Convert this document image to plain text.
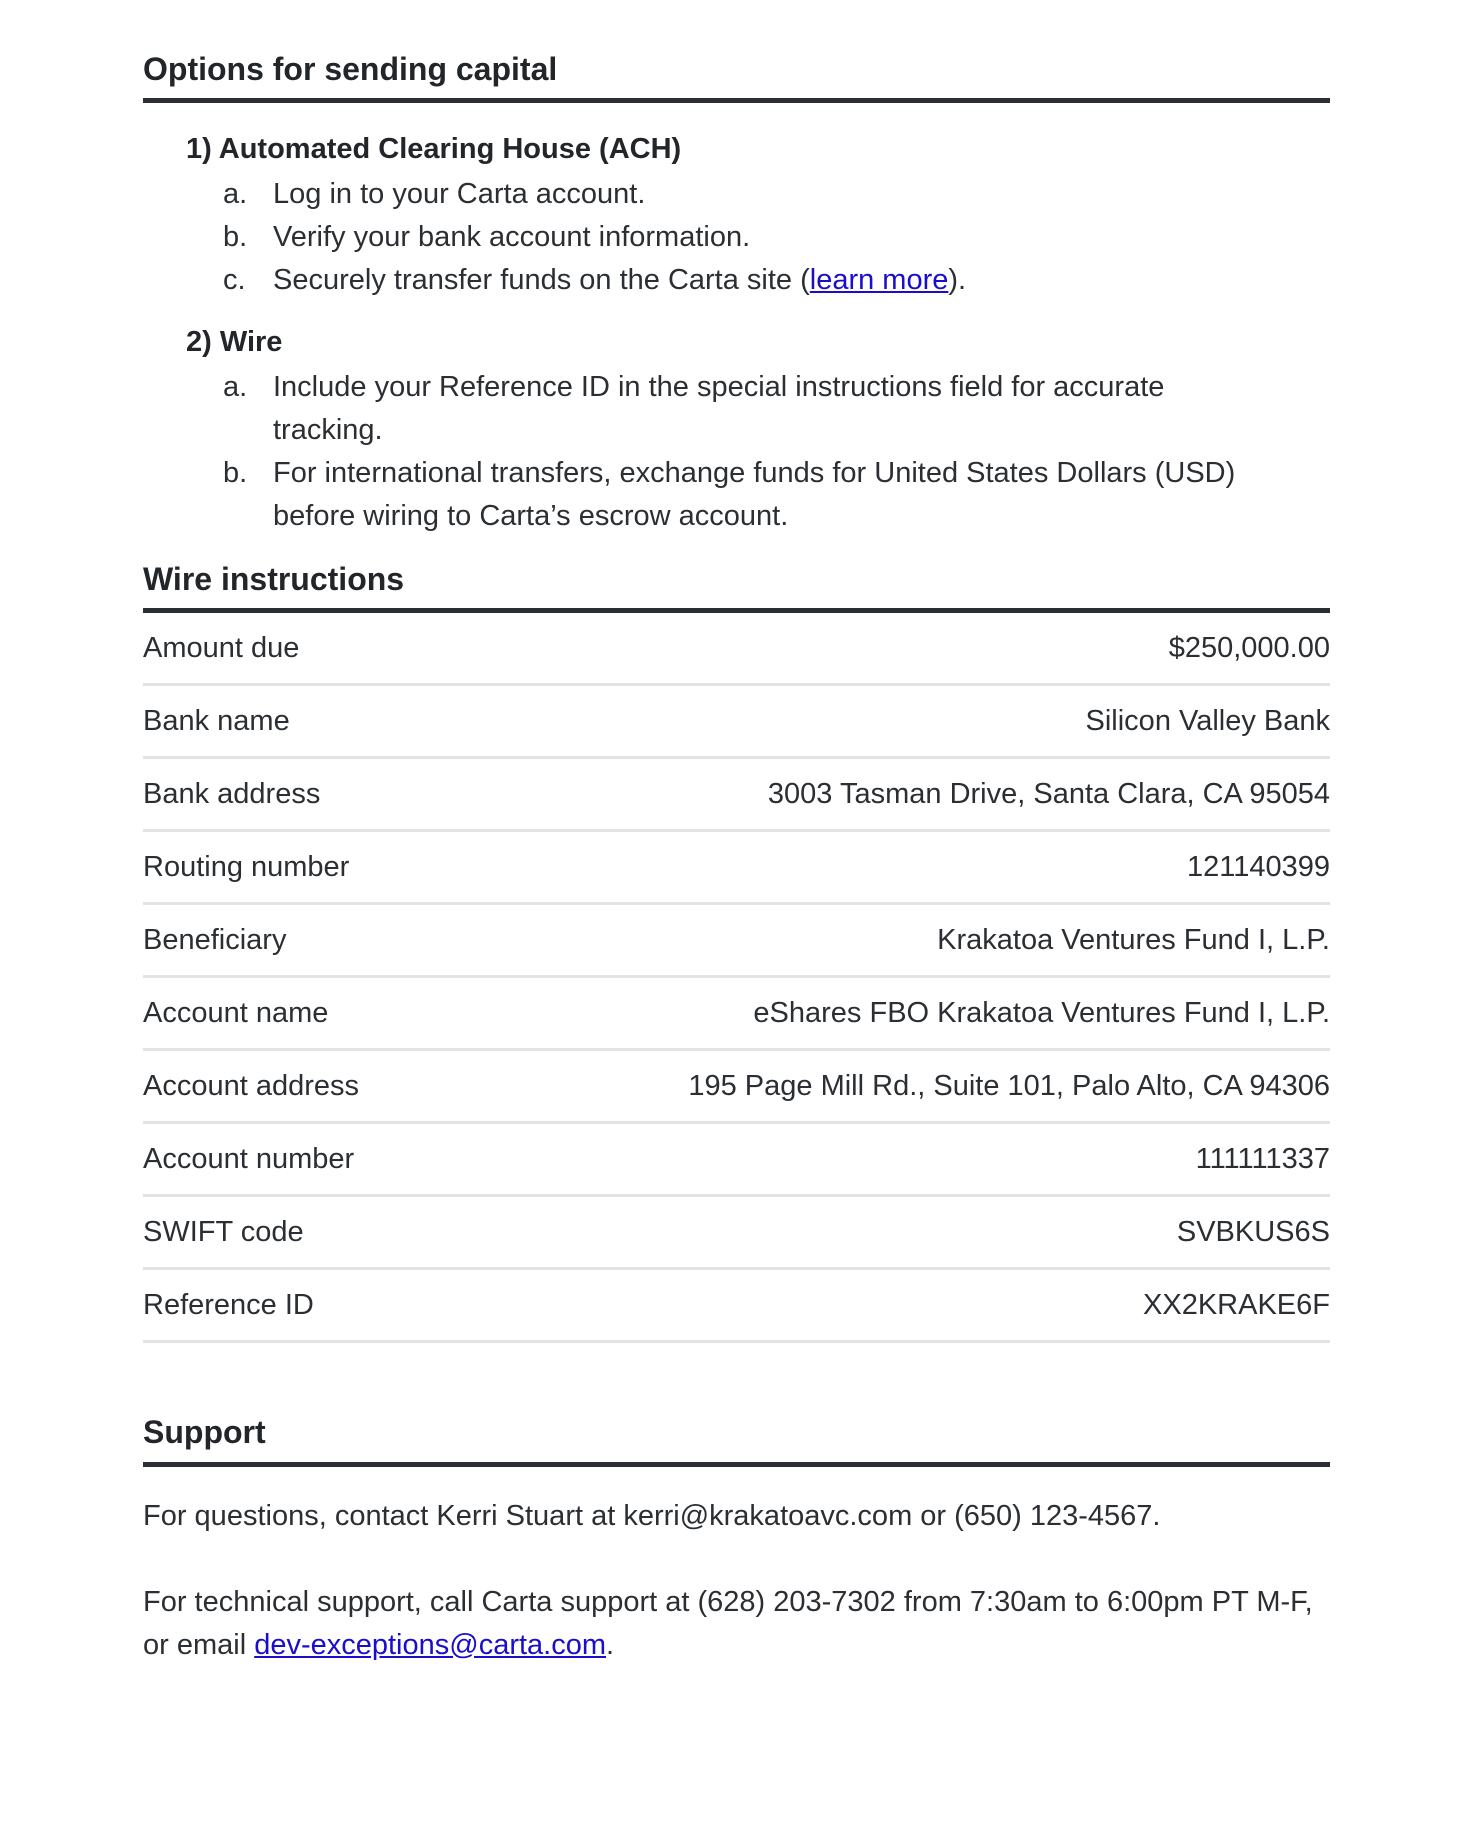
Options for sending capital
1) Automated Clearing House (ACH)
a. Log in to your Carta account.
b. Verify your bank account information.
c. Securely transfer funds on the Carta site (learn more).
2) Wire
a. Include your Reference ID in the special instructions field for accurate tracking.
b. For international transfers, exchange funds for United States Dollars (USD) before wiring to Carta’s escrow account.
Wire instructions
Amount due	$250,000.00
Bank name	Silicon Valley Bank
Bank address	3003 Tasman Drive, Santa Clara, CA 95054
Routing number	121140399
Beneficiary	Krakatoa Ventures Fund I, L.P.
Account name	eShares FBO Krakatoa Ventures Fund I, L.P.
Account address	195 Page Mill Rd., Suite 101, Palo Alto, CA 94306
Account number	111111337
SWIFT code	SVBKUS6S
Reference ID	XX2KRAKE6F
Support

For questions, contact Kerri Stuart at kerri@krakatoavc.com or (650) 123-4567.

For technical support, call Carta support at (628) 203-7302 from 7:30am to 6:00pm PT M-F, or email dev-exceptions@carta.com.
